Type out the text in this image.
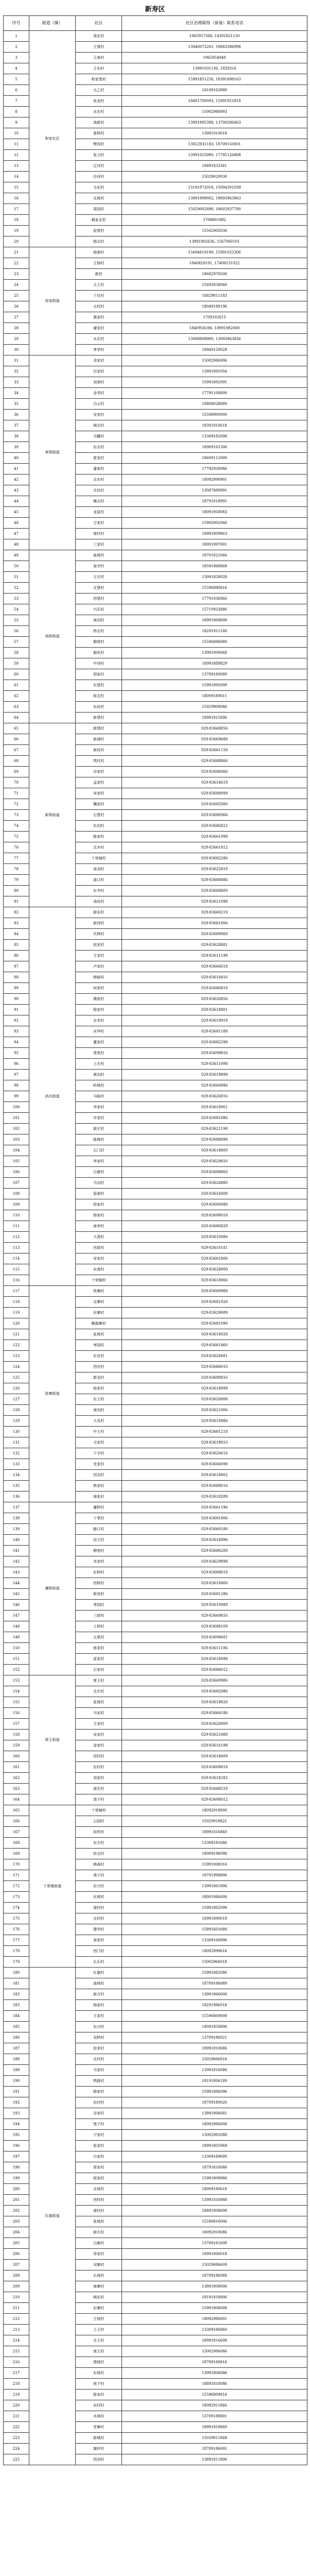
新寿区
序号	街道（镇）	社区	社区治理联络（留备）联系电话
1	和家社区	高东村	1965957368, 18391821120
2		王堡村	13040072201, 19883386998
3		王南村	1965954040
4		王东村	13991031136, 1829316
5		和家堡村	15991851256, 18391898163
6		太乙村	18109162888
7		鱼龙村	18681700093, 15991851818
8		水东村	15002986993
9		高新村	13991895398, 13700286063
10		曾桥村	13991010018
11		樊西村	13022931183, 18709150001
12		张元村	13991025980, 17791126808
13		辽河村	18891833361
14		沙河村	15029020930
15		毛东村	13191972018, 15094301039
16		北坡村	13991999002, 19893963963
17		果园村	15029002898, 18602937780
18		棉家北村	1709801982
19		前堡村	15502905036
20		杨北村	13991902636, 1567060101
21	窑家街道	杨南村	15694819190, 15991025306
22		王杨村	1840820191, 17409151022
23		新村	18682970508
24		太王村	15693038066
25		十社村	18829811183
26		五村村	18049180196
27		惠家村	1709102015
28		谢家村	1840950296, 18991982000
29		水乐村	13098808900, 13993963836
30		孝华村	18949150028
31	翠苑街道	邓家村	15002986906
32		吕家村	13991891056
33		刘巷村	15991892091
34		金秀村	17791100800
35		白山村	18808028889
36		安家村	15598900900
37		城北村	18391810618
38		马栅村	13309182098
39		东北村	18909161306
40		崔家村	18609112000
41		蒲家村	17792930986
42		北东村	18092990901
43		北坊村	13087880891
44		佩北村	18791018991
45		龙星村	18091950083
46		万家村	15992002066
47		南村村	18991809863
48		三家村	18091997001
49	高桥街道	庙坡村	18701021066
50		泉寺村	18591868868
51		王庄村	13991858928
52		北堡村	15596890816
53		西堡村	17791036866
54		兴乐村	15710933886
55		南沟村	18991869899
56		桥北村	18291911186
57		柳营村	15596896889
58		新旺村	13991000068
59		中西村	18991889829
60		胡家村	13709180089
61		东堡村	15991895899
62		桂北村	18009189011
63		东坊村	15929909086
64		新堡村	18991815806
65	新筑街道	新堡村	029-83668856
66		新浦村	029-83669688
67		新坊村	029-83661158
68		筑村村	029-83688866
69		沙家村	029-83686066
70		孟家村	029-83616619
71		宋家村	029-83688099
72		魏家村	029-83682080
73		石堡村	029-83686966
74		东沟村	029-83686822
75		陈家村	029-83661098
76		北乡村	029-83661812
77		十里铺村	029-83682286
78		高刘村	029-83625819
79		庙口村	029-83688886
80		东寺村	029-83668800
81		汤坊村	029-83621098
82	洪庆街道	新东村	029-83660219
83		新西村	029-83661806
84		庆林村	029-83689060
85		赵家村	029-83628881
86		王家村	029-83611198
87		卢家村	029-83666618
88		韩峪村	029-83616816
89		何家村	029-83686819
90		楼底村	029-83626856
91		程家村	029-83618801
92		水安村	029-83619918
93		庆华村	029-83681188
94		董家村	029-83682298
95		湾里村	029-83699816
96		上庄村	029-83611098
97		黄沟村	029-83619899
98		岭坡村	029-83660886
99		马峪村	029-83626816
100		华家村	029-83618061
101		许家村	029-83681086
102		新庄村	029-83621198
103		陈坡村	029-83688898
104		石门村	029-83618800
105		李家村	029-83629816
106		白鹿村	029-83698860
107		马沟村	029-83626880
108		原南村	029-83616008
109		侯家村	029-83606086
110		杨家村	029-83698018
111		南李村	029-83686829
112		大湾村	029-83610086
113		西原村	029-83610181
114		安家村	029-83661806
115		东湾村	029-83628800
116		十里铺村	029-83618066
117	狄寨街道	狄寨村	029-83669988
118		北寨村	029-83681926
119		东寨村	029-83629089
120		鲍旗寨村	029-83681090
121		张坡村	029-83618028
122		枣园村	029-83661860
123		东官村	029-83626601
124		西官村	029-83686010
125		新龙村	029-83698816
126		杨家村	029-83618099
127		东王村	029-83626808
128		南沟村	029-83621806
129		大兆村	029-83610886
130		中王村	029-83681218
131		毛家村	029-83618810
132		十字村	029-83620616
133		史家村	029-83666098
134		西沟村	029-83618802
135		焦家村	029-83688016
136		南张村	029-83618289
137	灞桥街道	灞桥村	029-83661196
138		十里村	029-83681806
139		豁口村	029-83660186
140		田王村	029-83616896
141		柳巷村	029-83686208
142		米家村	029-83629898
143		东桥村	029-83688019
144		西桥村	029-83616860
145		新房村	029-83681286
146		枣园村	029-83610088
147		三郎村	029-83669816
148		上桥村	029-83688109
149		五里村	029-83698601
150		郭家村	029-83611186
151		雷家村	029-83616098
152		石家村	029-83686012
153	席王街道	席王村	029-83669986
154		北庄村	029-83682086
155		张坡村	029-83618826
156		马家村	029-83666186
157		王家村	029-83626809
158		宋家村	029-83621888
159		金家村	029-83616198
160		西村村	029-83618609
161		东村村	029-83608818
162		刘家村	029-83618282
163		南庄村	029-83688219
164		湾子村	029-83698012
165	十里铺街道	十里铺村	18092918800
166		公园村	15029918821
167		纺织村	18991816860
168		东方村	13309181686
169		纺北村	18009196098
170		韩森村	15991008016
171		湾子村	18791998806
172		东兴村	13991861906
173		东坡村	18091086600
174		南村村	15991862098
175		北村村	18991890018
176		建华村	15891601688
177		景家村	13309160896
178		西门村	18092999616
179		长乐村	15002966018
180	红旗街道	红旗村	15991882086
181		庙坡村	18709186089
182		新合村	13991866606
183		杨家村	18291986018
184		王家村	15596869008
185		东兴村	18091858806
186		双桥村	13709186021
187		赵家村	18991810686
188		北村村	15029086818
189		马家村	13991816086
190		铁路村	18191806189
191		韩家村	15991886096
192		东村村	18709180026
193		谷家村	13891806681
194		堡子村	18092986608
195		宁家村	15002981088
196		张家村	18991801968
197		白家村	13309189600
198		郑家村	18791816086
199		侯家村	15991809886
200		北坡村	18009180618
201		西村村	13991816988
202		南村村	18891808608
203		张坡村	15596816006
204		新庄村	18092918086
205		白鹿村	13709181608
206		李家村	18991806018
207		双寨村	15029086609
208		长坡村	18709186088
209		南寨村	13891808606
210		城东村	18191818806
211		东寨村	15991806608
212		王坡村	18092986001
213		上王村	13309186860
214		北王村	18991816608
215		南王村	15002986086
216		塔坡村	18709180816
217		东坡村	13991806886
218		坡下村	18891818086
219		陈家村	15596809816
220		东村村	18092911866
221		水坡村	13709188801
222		老寨村	18991819860
223		新城村	15029011868
224		旗杆村	18709186001
225		西沟村	13891811806
